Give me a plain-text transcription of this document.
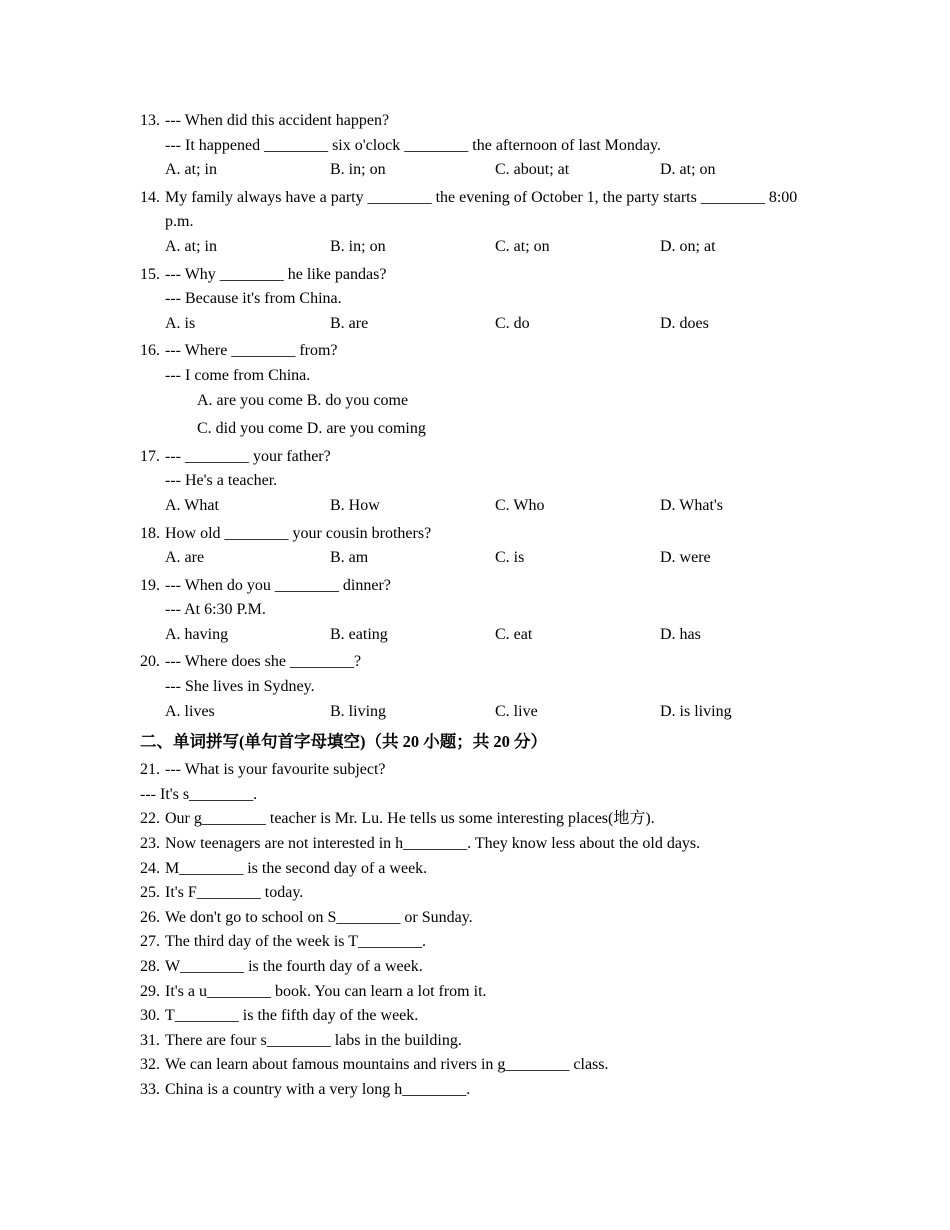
13. --- When did this accident happen?
--- It happened ________ six o'clock ________ the afternoon of last Monday.
A. at; in	B. in; on	C. about; at	D. at; on
14. My family always have a party ________ the evening of October 1, the party starts ________ 8:00
p.m.
A. at; in	B. in; on	C. at; on	D. on; at
15. --- Why ________ he like pandas?
--- Because it's from China.
A. is	B. are	C. do	D. does
16. --- Where ________ from?
--- I come from China.
A. are you come B. do you come
C. did you come D. are you coming
17. --- ________ your father?
--- He's a teacher.
A. What	B. How	C. Who	D. What's
18. How old ________ your cousin brothers?
A. are	B. am	C. is	D. were
19. --- When do you ________ dinner?
--- At 6:30 P.M.
A. having	B. eating	C. eat	D. has
20. --- Where does she ________?
--- She lives in Sydney.
A. lives	B. living	C. live	D. is living
二、单词拼写(单句首字母填空)（共 20 小题；共 20 分）
21. --- What is your favourite subject?
--- It's s________.
22. Our g________ teacher is Mr. Lu. He tells us some interesting places(地方).
23. Now teenagers are not interested in h________. They know less about the old days.
24. M________ is the second day of a week.
25. It's F________ today.
26. We don't go to school on S________ or Sunday.
27. The third day of the week is T________.
28. W________ is the fourth day of a week.
29. It's a u________ book. You can learn a lot from it.
30. T________ is the fifth day of the week.
31. There are four s________ labs in the building.
32. We can learn about famous mountains and rivers in g________ class.
33. China is a country with a very long h________.
